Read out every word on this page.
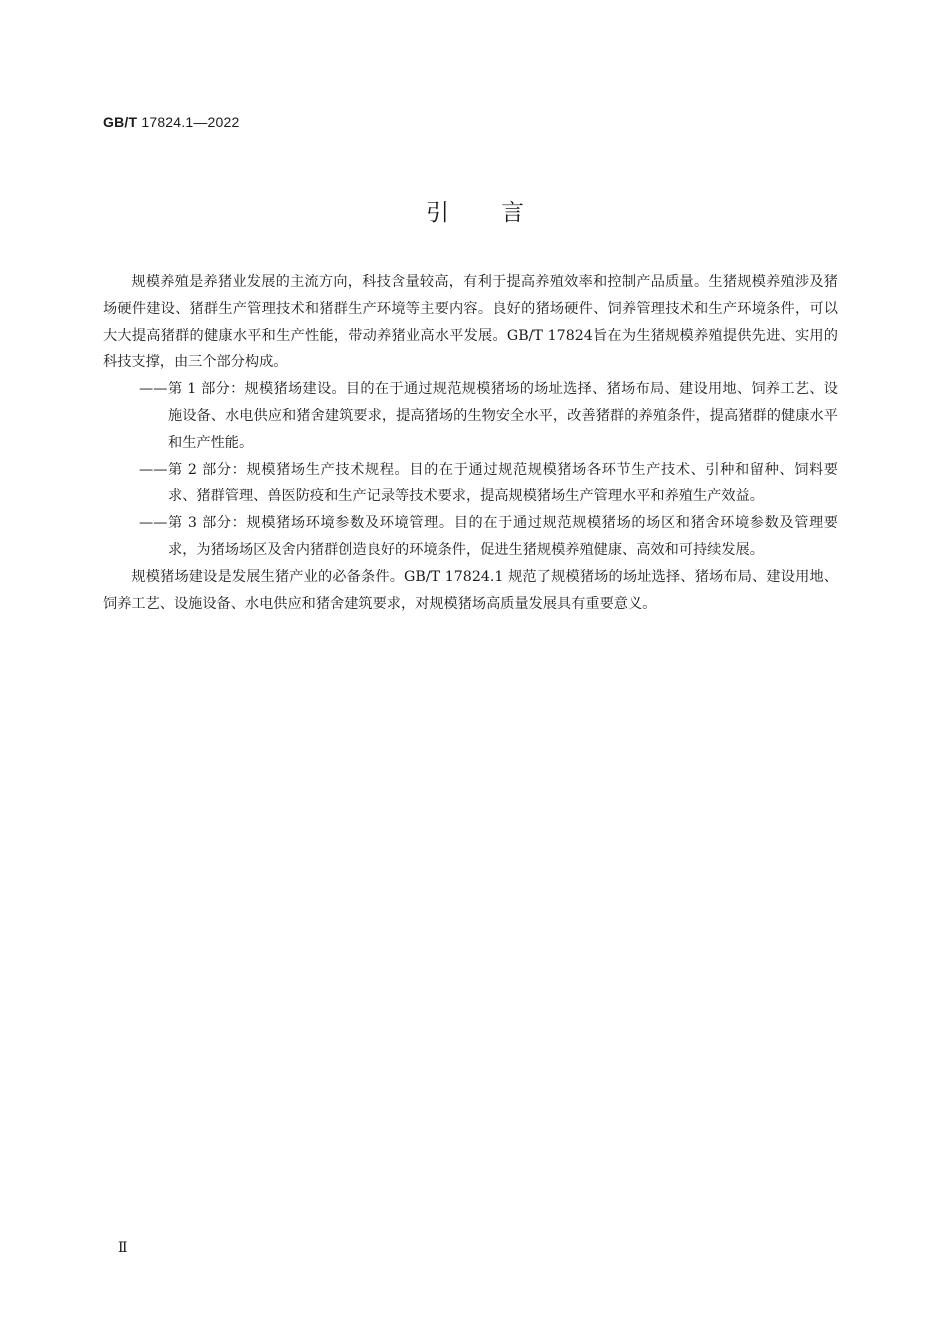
GB/T 17824.1—2022
引言

规模养殖是养猪业发展的主流方向，科技含量较高，有利于提高养殖效率和控制产品质量。生猪规模养殖涉及猪场硬件建设、猪群生产管理技术和猪群生产环境等主要内容。良好的猪场硬件、饲养管理技术和生产环境条件，可以大大提高猪群的健康水平和生产性能，带动养猪业高水平发展。GB/T 17824旨在为生猪规模养殖提供先进、实用的科技支撑，由三个部分构成。

—— 第 1 部分：规模猪场建设。目的在于通过规范规模猪场的场址选择、猪场布局、建设用地、饲养工艺、设施设备、水电供应和猪舍建筑要求，提高猪场的生物安全水平，改善猪群的养殖条件，提高猪群的健康水平和生产性能。

—— 第 2 部分：规模猪场生产技术规程。目的在于通过规范规模猪场各环节生产技术、引种和留种、饲料要求、猪群管理、兽医防疫和生产记录等技术要求，提高规模猪场生产管理水平和养殖生产效益。

—— 第 3 部分：规模猪场环境参数及环境管理。目的在于通过规范规模猪场的场区和猪舍环境参数及管理要求，为猪场场区及舍内猪群创造良好的环境条件，促进生猪规模养殖健康、高效和可持续发展。

规模猪场建设是发展生猪产业的必备条件。GB/T 17824.1 规范了规模猪场的场址选择、猪场布局、建设用地、饲养工艺、设施设备、水电供应和猪舍建筑要求，对规模猪场高质量发展具有重要意义。

Ⅱ
